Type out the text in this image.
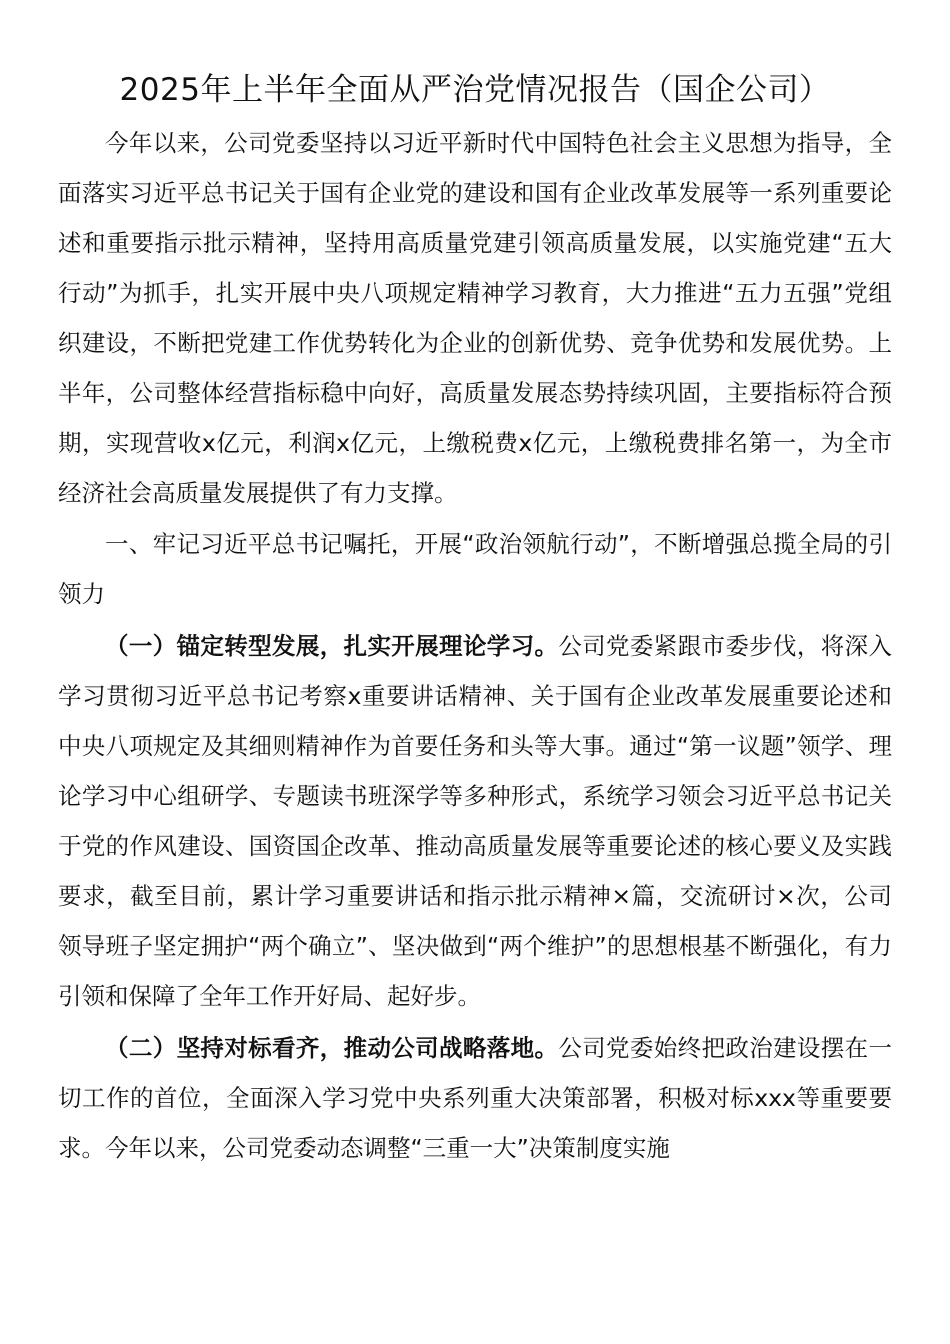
2025年上半年全面从严治党情况报告（国企公司）

今年以来，公司党委坚持以习近平新时代中国特色社会主义思想为指导，全面落实习近平总书记关于国有企业党的建设和国有企业改革发展等一系列重要论述和重要指示批示精神，坚持用高质量党建引领高质量发展，以实施党建“五大行动”为抓手，扎实开展中央八项规定精神学习教育，大力推进“五力五强”党组织建设，不断把党建工作优势转化为企业的创新优势、竞争优势和发展优势。上半年，公司整体经营指标稳中向好，高质量发展态势持续巩固，主要指标符合预期，实现营收x亿元，利润x亿元，上缴税费x亿元，上缴税费排名第一，为全市经济社会高质量发展提供了有力支撑。

一、牢记习近平总书记嘱托，开展“政治领航行动”，不断增强总揽全局的引领力

（一）锚定转型发展，扎实开展理论学习。公司党委紧跟市委步伐，将深入学习贯彻习近平总书记考察x重要讲话精神、关于国有企业改革发展重要论述和中央八项规定及其细则精神作为首要任务和头等大事。通过“第一议题”领学、理论学习中心组研学、专题读书班深学等多种形式，系统学习领会习近平总书记关于党的作风建设、国资国企改革、推动高质量发展等重要论述的核心要义及实践要求，截至目前，累计学习重要讲话和指示批示精神×篇，交流研讨×次，公司领导班子坚定拥护“两个确立”、坚决做到“两个维护”的思想根基不断强化，有力引领和保障了全年工作开好局、起好步。

（二）坚持对标看齐，推动公司战略落地。公司党委始终把政治建设摆在一切工作的首位，全面深入学习党中央系列重大决策部署，积极对标xxx等重要要求。今年以来，公司党委动态调整“三重一大”决策制度实施
